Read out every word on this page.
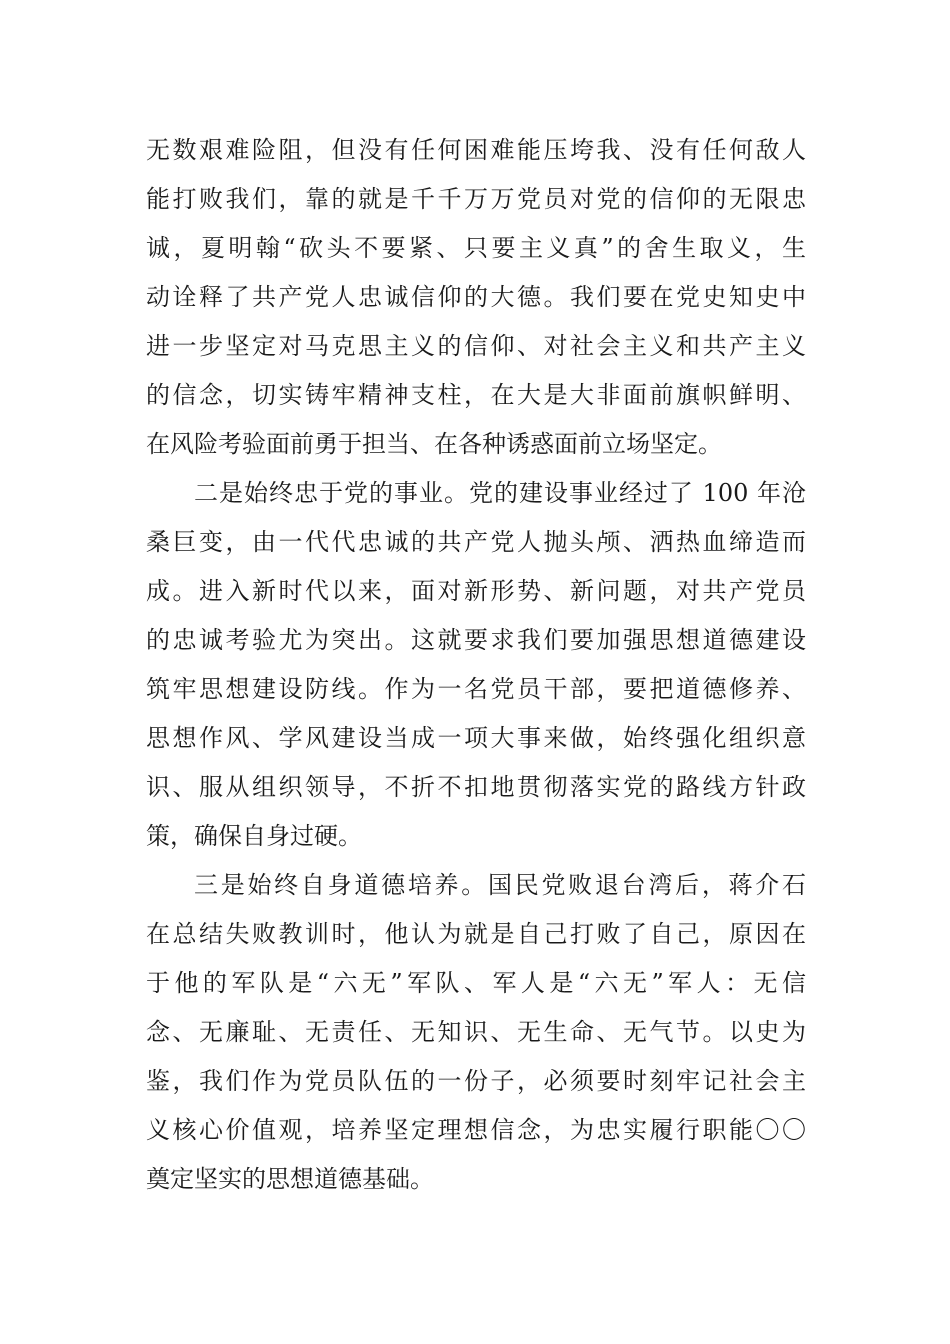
无数艰难险阻，但没有任何困难能压垮我、没有任何敌人
能打败我们，靠的就是千千万万党员对党的信仰的无限忠
诚，夏明翰“砍头不要紧、只要主义真”的舍生取义，生
动诠释了共产党人忠诚信仰的大德。我们要在党史知史中
进一步坚定对马克思主义的信仰、对社会主义和共产主义
的信念，切实铸牢精神支柱，在大是大非面前旗帜鲜明、
在风险考验面前勇于担当、在各种诱惑面前立场坚定。
二是始终忠于党的事业。党的建设事业经过了 100 年沧
桑巨变，由一代代忠诚的共产党人抛头颅、洒热血缔造而
成。进入新时代以来，面对新形势、新问题，对共产党员
的忠诚考验尤为突出。这就要求我们要加强思想道德建设
筑牢思想建设防线。作为一名党员干部，要把道德修养、
思想作风、学风建设当成一项大事来做，始终强化组织意
识、服从组织领导，不折不扣地贯彻落实党的路线方针政
策，确保自身过硬。
三是始终自身道德培养。国民党败退台湾后，蒋介石
在总结失败教训时，他认为就是自己打败了自己，原因在
于他的军队是“六无”军队、军人是“六无”军人：无信
念、无廉耻、无责任、无知识、无生命、无气节。以史为
鉴，我们作为党员队伍的一份子，必须要时刻牢记社会主
义核心价值观，培养坚定理想信念，为忠实履行职能〇〇
奠定坚实的思想道德基础。
